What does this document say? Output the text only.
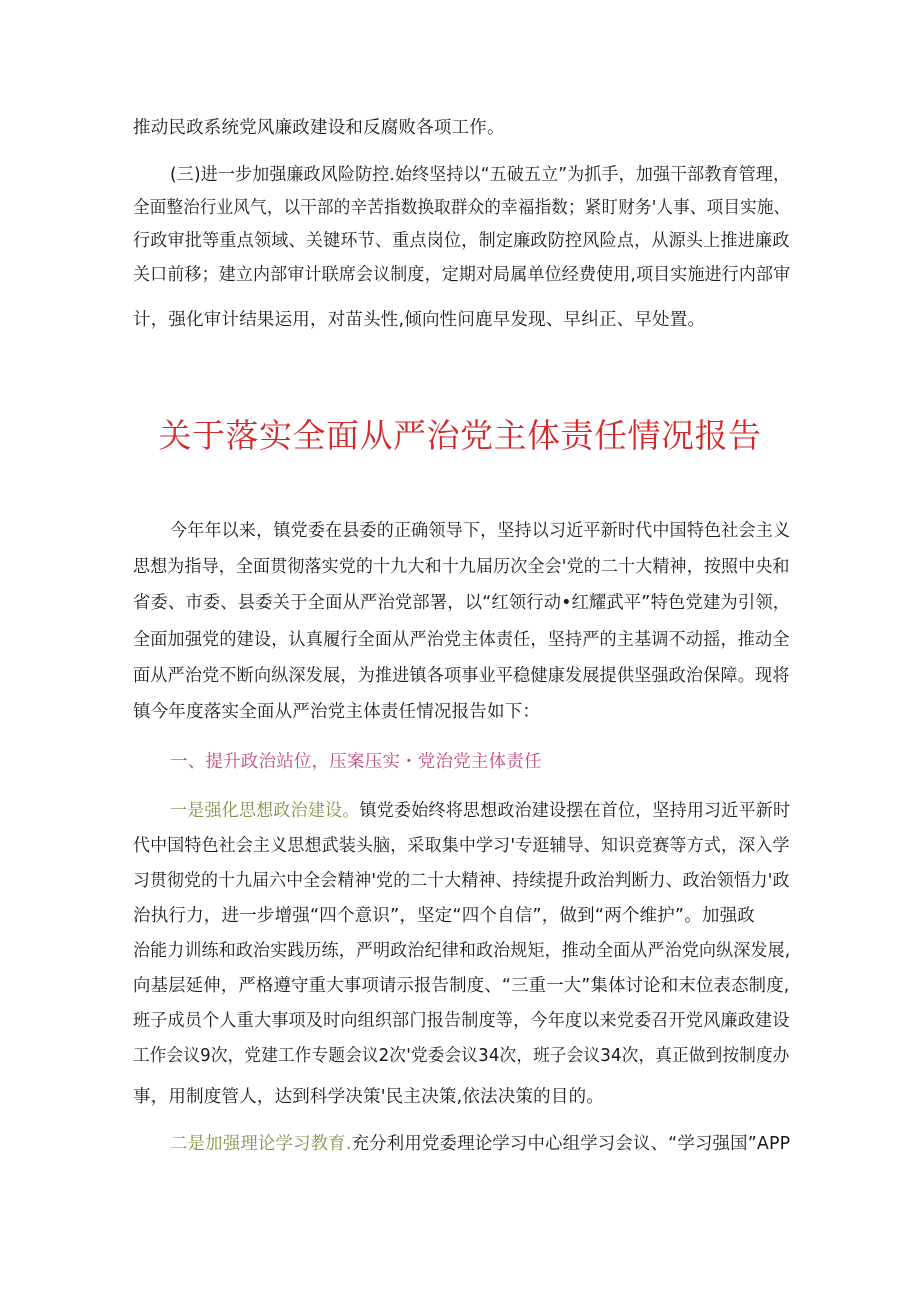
推动民政系统党风廉政建设和反腐败各项工作。
(三)进一步加强廉政风险防控.始终坚持以“五破五立”为抓手，加强干部教育管理，
全面整治行业风气，以干部的辛苦指数换取群众的幸福指数；紧盯财务'人事、项目实施、
行政审批等重点领域、关键环节、重点岗位，制定廉政防控风险点，从源头上推进廉政
关口前移；建立内部审计联席会议制度，定期对局属单位经费使用,项目实施进行内部审
计，强化审计结果运用，对苗头性,倾向性问鹿早发现、早纠正、早处置。
关于落实全面从严治党主体责任情况报告
今年年以来，镇党委在县委的正确领导下，坚持以习近平新时代中国特色社会主义
思想为指导，全面贯彻落实党的十九大和十九届历次全会'党的二十大精神，按照中央和
省委、市委、县委关于全面从严治党部署，以“红领行动•红耀武平”特色党建为引领，
全面加强党的建设，认真履行全面从严治党主体责任，坚持严的主基调不动摇，推动全
面从严治党不断向纵深发展，为推进镇各项事业平稳健康发展提供坚强政治保障。现将
镇今年度落实全面从严治党主体责任情况报告如下：
一、提升政治站位，压案压实・党治党主体责任
一是强化思想政治建设。镇党委始终将思想政治建设摆在首位，坚持用习近平新时
代中国特色社会主义思想武装头脑，采取集中学习'专逛辅导、知识竞赛等方式，深入学
习贯彻党的十九届六中全会精神'党的二十大精神、持续提升政治判断力、政治领悟力'政
治执行力，进一步增强“四个意识”，坚定“四个自信”，做到“两个维护”。加强政
治能力训练和政治实践历练，严明政治纪律和政治规矩，推动全面从严治党向纵深发展,
向基层延伸，严格遵守重大事项请示报告制度、“三重一大”集体讨论和末位表态制度,
班子成员个人重大事项及时向组织部门报告制度等，今年度以来党委召开党风廉政建设
工作会议9次，党建工作专题会议2次'党委会议34次，班子会议34次，真正做到按制度办
事，用制度管人，达到科学决策'民主决策,依法决策的目的。
二是加强理论学习教育.充分利用党委理论学习中心组学习会议、“学习强国”APP
